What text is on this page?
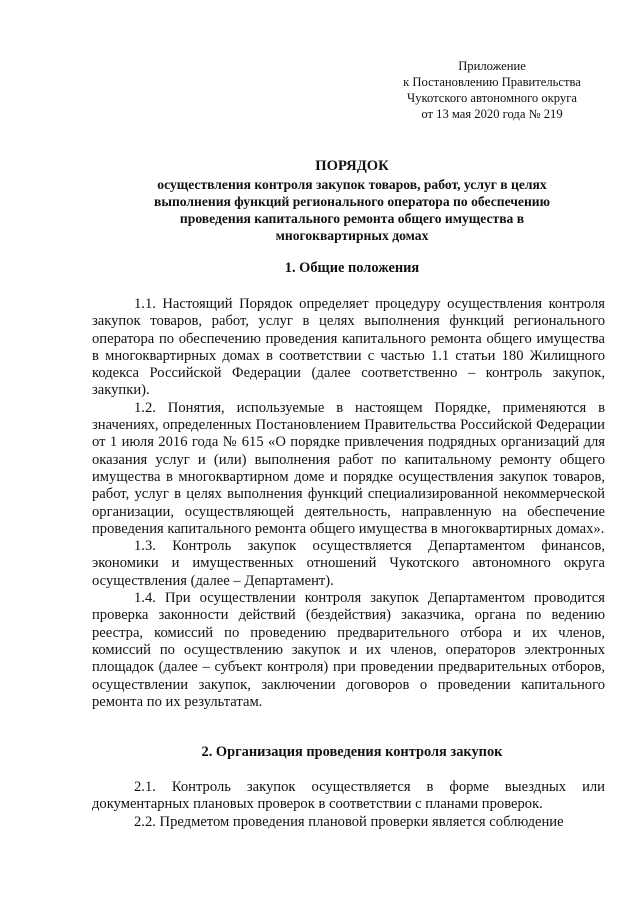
Приложение
к Постановлению Правительства
Чукотского автономного округа
от 13 мая 2020 года № 219
ПОРЯДОК
осуществления контроля закупок товаров, работ, услуг в целях
выполнения функций регионального оператора по обеспечению
проведения капитального ремонта общего имущества в
многоквартирных домах
1. Общие положения

1.1. Настоящий Порядок определяет процедуру осуществления контроля закупок товаров, работ, услуг в целях выполнения функций регионального оператора по обеспечению проведения капитального ремонта общего имущества в многоквартирных домах в соответствии с частью 1.1 статьи 180 Жилищного кодекса Российской Федерации (далее соответственно – контроль закупок, закупки).

1.2. Понятия, используемые в настоящем Порядке, применяются в значениях, определенных Постановлением Правительства Российской Федерации от 1 июля 2016 года № 615 «О порядке привлечения подрядных организаций для оказания услуг и (или) выполнения работ по капитальному ремонту общего имущества в многоквартирном доме и порядке осуществления закупок товаров, работ, услуг в целях выполнения функций специализированной некоммерческой организации, осуществляющей деятельность, направленную на обеспечение проведения капитального ремонта общего имущества в многоквартирных домах».

1.3. Контроль закупок осуществляется Департаментом финансов, экономики и имущественных отношений Чукотского автономного округа осуществления (далее – Департамент).

1.4. При осуществлении контроля закупок Департаментом проводится проверка законности действий (бездействия) заказчика, органа по ведению реестра, комиссий по проведению предварительного отбора и их членов, комиссий по осуществлению закупок и их членов, операторов электронных площадок (далее – субъект контроля) при проведении предварительных отборов, осуществлении закупок, заключении договоров о проведении капитального ремонта по их результатам.

2. Организация проведения контроля закупок

2.1. Контроль закупок осуществляется в форме выездных или документарных плановых проверок в соответствии с планами проверок.

2.2. Предметом проведения плановой проверки является соблюдение
